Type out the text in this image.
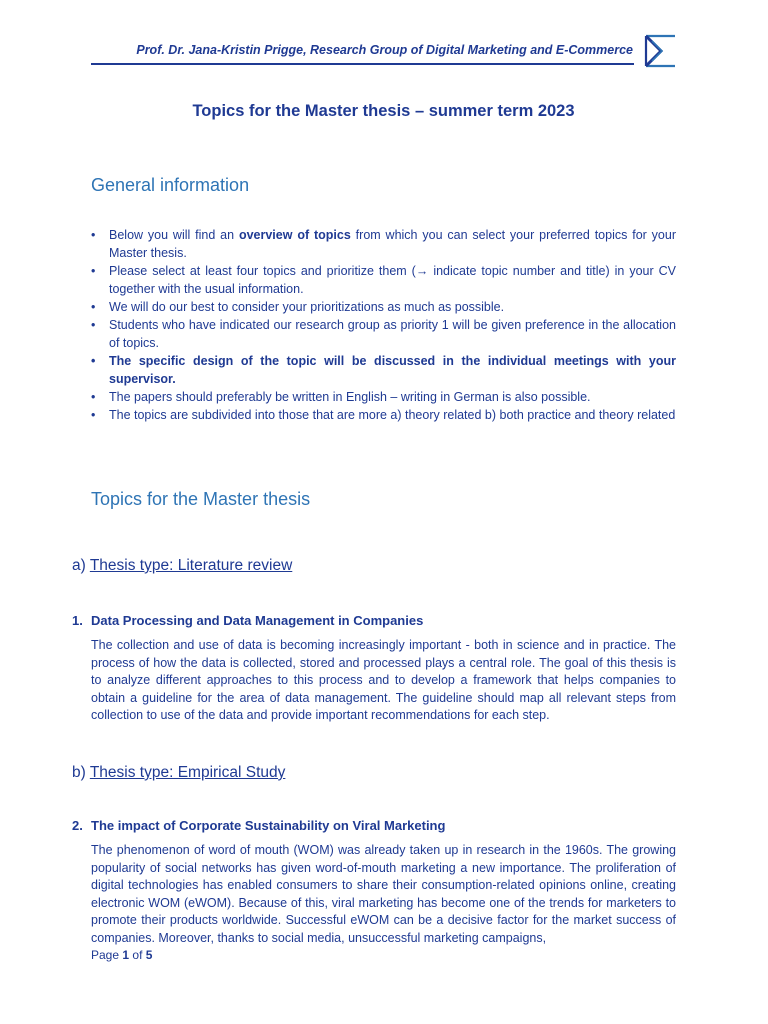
Prof. Dr. Jana-Kristin Prigge, Research Group of Digital Marketing and E-Commerce
Topics for the Master thesis – summer term 2023
General information
• Below you will find an overview of topics from which you can select your preferred topics for your Master thesis.
• Please select at least four topics and prioritize them (→ indicate topic number and title) in your CV together with the usual information.
• We will do our best to consider your prioritizations as much as possible.
• Students who have indicated our research group as priority 1 will be given preference in the allocation of topics.
• The specific design of the topic will be discussed in the individual meetings with your supervisor.
• The papers should preferably be written in English – writing in German is also possible.
• The topics are subdivided into those that are more a) theory related b) both practice and theory related
Topics for the Master thesis
a) Thesis type: Literature review
1. Data Processing and Data Management in Companies
The collection and use of data is becoming increasingly important - both in science and in practice. The process of how the data is collected, stored and processed plays a central role. The goal of this thesis is to analyze different approaches to this process and to develop a framework that helps companies to obtain a guideline for the area of data management. The guideline should map all relevant steps from collection to use of the data and provide important recommendations for each step.
b) Thesis type: Empirical Study
2. The impact of Corporate Sustainability on Viral Marketing
The phenomenon of word of mouth (WOM) was already taken up in research in the 1960s. The growing popularity of social networks has given word-of-mouth marketing a new importance. The proliferation of digital technologies has enabled consumers to share their consumption-related opinions online, creating electronic WOM (eWOM). Because of this, viral marketing has become one of the trends for marketers to promote their products worldwide. Successful eWOM can be a decisive factor for the market success of companies. Moreover, thanks to social media, unsuccessful marketing campaigns,
Page 1 of 5
